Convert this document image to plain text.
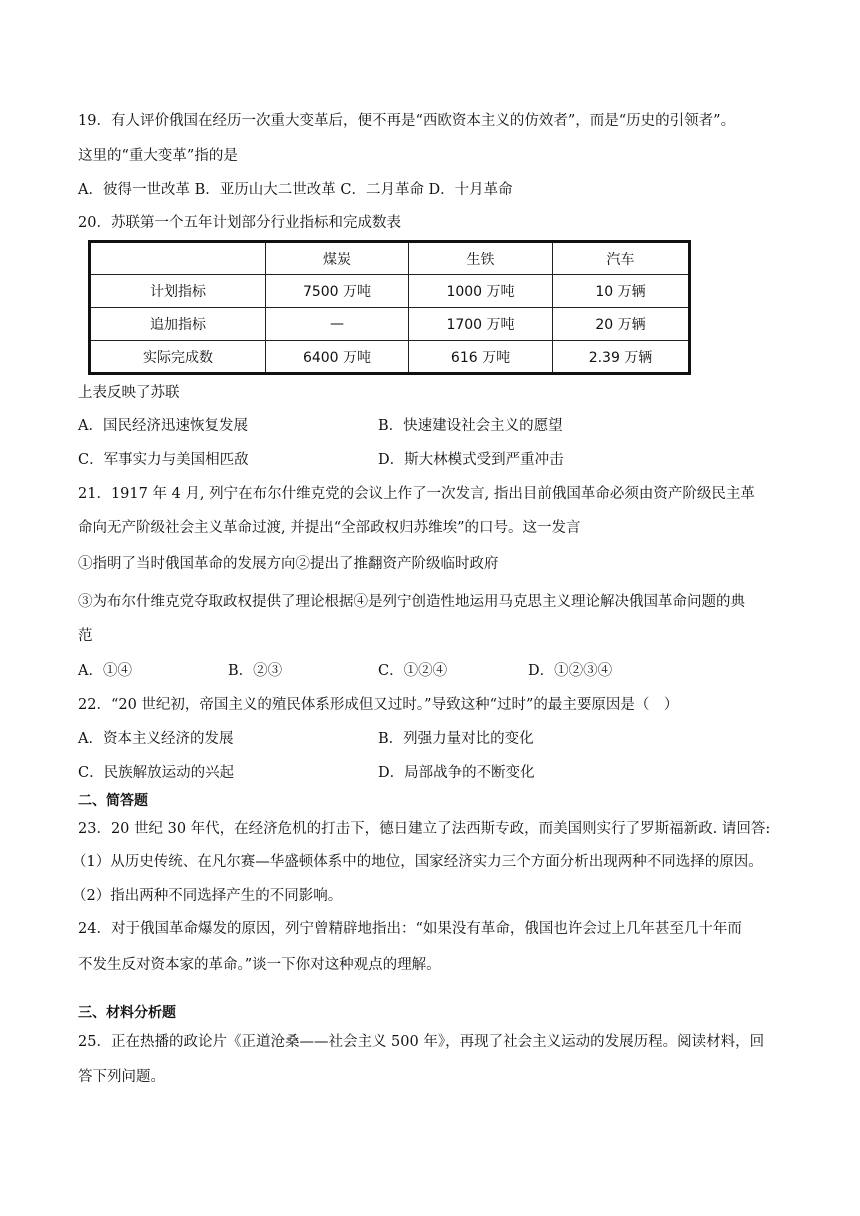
19．有人评价俄国在经历一次重大变革后，便不再是“西欧资本主义的仿效者”，而是“历史的引领者”。
这里的“重大变革”指的是
A．彼得一世改革 B．亚历山大二世改革 C．二月革命 D．十月革命
20．苏联第一个五年计划部分行业指标和完成数表
	煤炭	生铁	汽车
计划指标	7500 万吨	1000 万吨	10 万辆
追加指标	—	1700 万吨	20 万辆
实际完成数	6400 万吨	616 万吨	2.39 万辆
上表反映了苏联
A．国民经济迅速恢复发展	B．快速建设社会主义的愿望
C．军事实力与美国相匹敌	D．斯大林模式受到严重冲击
21．1917 年 4 月, 列宁在布尔什维克党的会议上作了一次发言, 指出目前俄国革命必须由资产阶级民主革
命向无产阶级社会主义革命过渡, 并提出“全部政权归苏维埃”的口号。这一发言
①指明了当时俄国革命的发展方向②提出了推翻资产阶级临时政府
③为布尔什维克党夺取政权提供了理论根据④是列宁创造性地运用马克思主义理论解决俄国革命问题的典
范
A．①④	B．②③	C．①②④	D．①②③④
22．“20 世纪初，帝国主义的殖民体系形成但又过时。”导致这种“过时”的最主要原因是（　）
A．资本主义经济的发展	B．列强力量对比的变化
C．民族解放运动的兴起	D．局部战争的不断变化
二、简答题
23．20 世纪 30 年代，在经济危机的打击下，德日建立了法西斯专政，而美国则实行了罗斯福新政. 请回答:
（1）从历史传统、在凡尔赛—华盛顿体系中的地位，国家经济实力三个方面分析出现两种不同选择的原因。
（2）指出两种不同选择产生的不同影响。
24．对于俄国革命爆发的原因，列宁曾精辟地指出：“如果没有革命，俄国也许会过上几年甚至几十年而
不发生反对资本家的革命。”谈一下你对这种观点的理解。
三、材料分析题
25．正在热播的政论片《正道沧桑——社会主义 500 年》，再现了社会主义运动的发展历程。阅读材料，回
答下列问题。
